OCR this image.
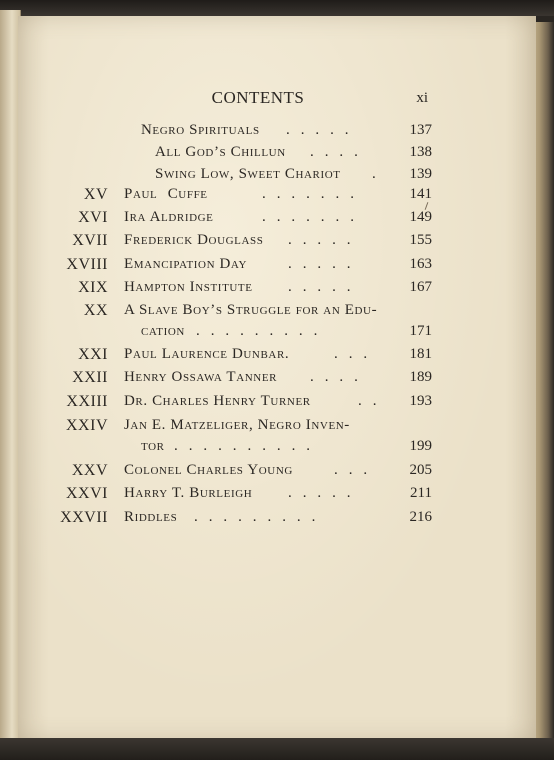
CONTENTS	xi
Negro Spirituals . . . . .	137
All God’s Chillun . . . .	138
Swing Low, Sweet Chariot .	139
XV Paul Cuffe	. . . . . . .	141
XVI Ira Aldridge	. . . . . . .	149
XVII Frederick Douglass . . . . .	155
XVIII Emancipation Day	. . . . .	163
XIX Hampton Institute . . . . .	167
XX A Slave Boy’s Struggle for an Edu-
cation . . . . . . . . .	171
XXI Paul Laurence Dunbar.	. . .	181
XXII Henry Ossawa Tanner . . . .	189
XXIII Dr. Charles Henry Turner	. .	193
XXIV Jan E. Matzeliger, Negro Inven-
tor . . . . . . . . . .	199
XXV Colonel Charles Young	. . .	205
XXVI Harry T. Burleigh . . . . .	211
XXVII Riddles . . . . . . . . .	216
